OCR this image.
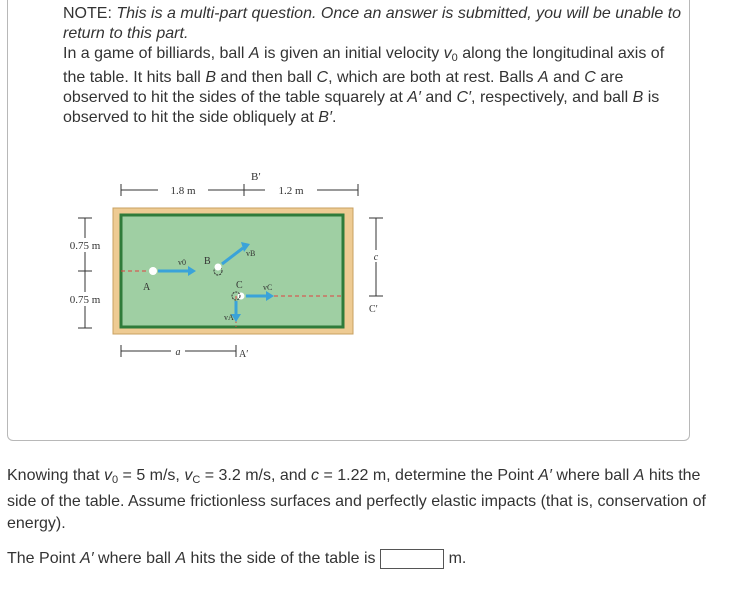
NOTE: This is a multi-part question. Once an answer is submitted, you will be unable to return to this part.

In a game of billiards, ball A is given an initial velocity $v_0$ along the longitudinal axis of the table. It hits ball B and then ball C, which are both at rest. Balls A and C are observed to hit the sides of the table squarely at A′ and C′, respectively, and ball B is observed to hit the side obliquely at B′.

1.8 m	1.2 m
B′
0.75 m
0.75 m
A
v0 B
vB
C	vC
vA
c
C′
a	A′

Knowing that $v_0 = 5$ m/s, $v_C = 3.2$ m/s, and c = 1.22 m, determine the Point A′ where ball A hits the side of the table. Assume frictionless surfaces and perfectly elastic impacts (that is, conservation of energy).

The Point A′ where ball A hits the side of the table is	m.
